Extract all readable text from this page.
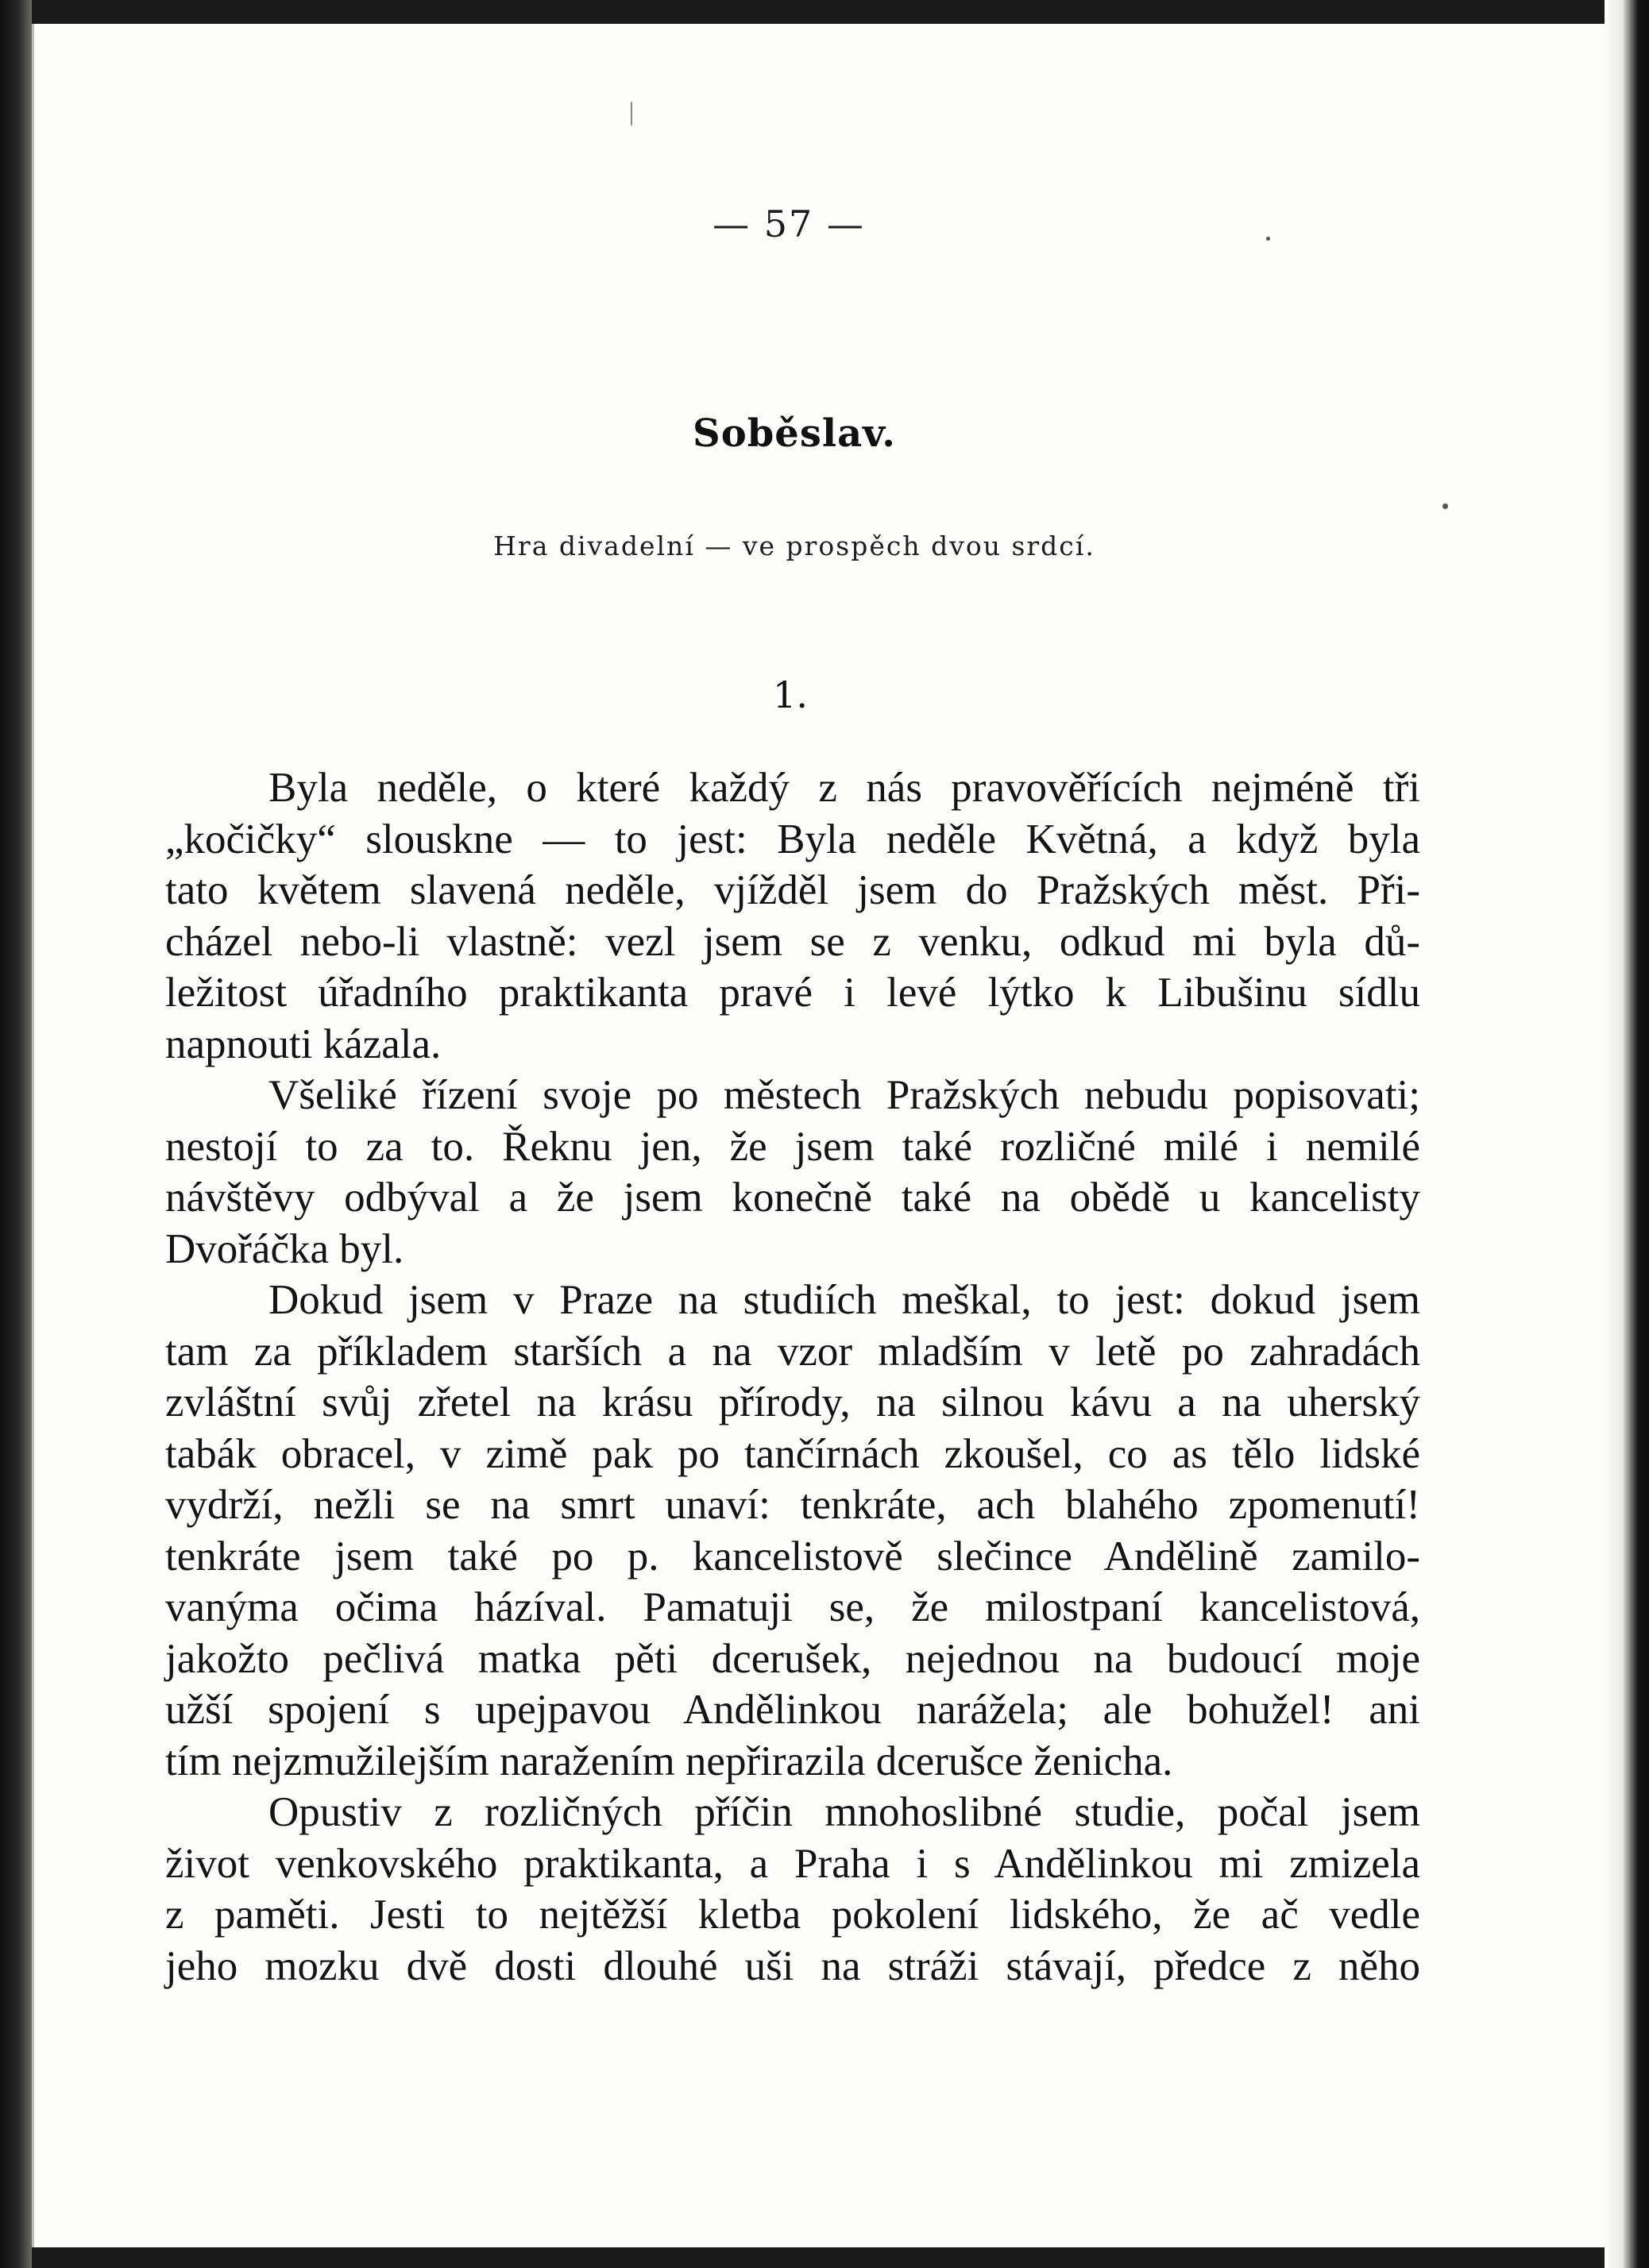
— 57 —
Soběslav.
Hra divadelní — ve prospěch dvou srdcí.
1.
Byla neděle, o které každý z nás pravověřících nejméně tři
„kočičky“ slouskne — to jest: Byla neděle Květná, a když byla
tato květem slavená neděle, vjížděl jsem do Pražských měst. Při-
cházel nebo-li vlastně: vezl jsem se z venku, odkud mi byla dů-
ležitost úřadního praktikanta pravé i levé lýtko k Libušinu sídlu
napnouti kázala.
Všeliké řízení svoje po městech Pražských nebudu popisovati;
nestojí to za to. Řeknu jen, že jsem také rozličné milé i nemilé
návštěvy odbýval a že jsem konečně také na obědě u kancelisty
Dvořáčka byl.
Dokud jsem v Praze na studiích meškal, to jest: dokud jsem
tam za příkladem starších a na vzor mladším v letě po zahradách
zvláštní svůj zřetel na krásu přírody, na silnou kávu a na uherský
tabák obracel, v zimě pak po tančírnách zkoušel, co as tělo lidské
vydrží, nežli se na smrt unaví: tenkráte, ach blahého zpomenutí!
tenkráte jsem také po p. kancelistově slečince Andělině zamilo-
vanýma očima házíval. Pamatuji se, že milostpaní kancelistová,
jakožto pečlivá matka pěti dcerušek, nejednou na budoucí moje
užší spojení s upejpavou Andělinkou narážela; ale bohužel! ani
tím nejzmužilejším naražením nepřirazila dcerušce ženicha.
Opustiv z rozličných příčin mnohoslibné studie, počal jsem
život venkovského praktikanta, a Praha i s Andělinkou mi zmizela
z paměti. Jesti to nejtěžší kletba pokolení lidského, že ač vedle
jeho mozku dvě dosti dlouhé uši na stráži stávají, předce z něho
